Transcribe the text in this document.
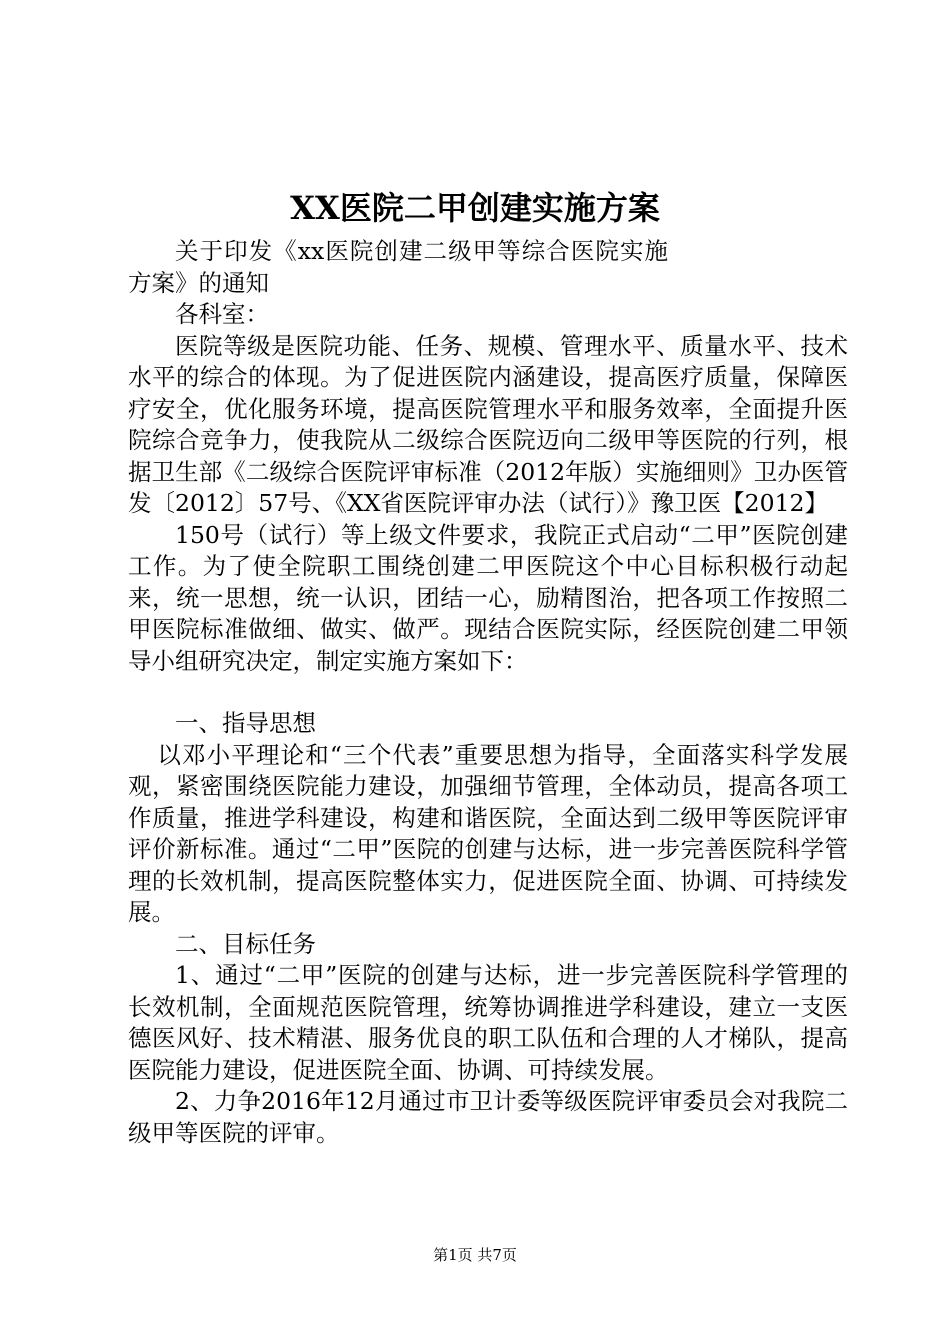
XX医院二甲创建实施方案

关于印发《xx医院创建二级甲等综合医院实施方案》的通知

各科室：

医院等级是医院功能、任务、规模、管理水平、质量水平、技术水平的综合的体现。为了促进医院内涵建设，提高医疗质量，保障医疗安全，优化服务环境，提高医院管理水平和服务效率，全面提升医院综合竞争力，使我院从二级综合医院迈向二级甲等医院的行列，根据卫生部《二级综合医院评审标准（2012年版）实施细则》卫办医管发〔2012〕57号、《XX省医院评审办法（试行）》豫卫医【2012】

150号（试行）等上级文件要求，我院正式启动“二甲”医院创建工作。为了使全院职工围绕创建二甲医院这个中心目标积极行动起来，统一思想，统一认识，团结一心，励精图治，把各项工作按照二甲医院标准做细、做实、做严。现结合医院实际，经医院创建二甲领导小组研究决定，制定实施方案如下：

一、指导思想

以邓小平理论和“三个代表”重要思想为指导，全面落实科学发展观，紧密围绕医院能力建设，加强细节管理，全体动员，提高各项工作质量，推进学科建设，构建和谐医院，全面达到二级甲等医院评审评价新标准。通过“二甲”医院的创建与达标，进一步完善医院科学管理的长效机制，提高医院整体实力，促进医院全面、协调、可持续发展。

二、目标任务

1、通过“二甲”医院的创建与达标，进一步完善医院科学管理的长效机制，全面规范医院管理，统筹协调推进学科建设，建立一支医德医风好、技术精湛、服务优良的职工队伍和合理的人才梯队，提高医院能力建设，促进医院全面、协调、可持续发展。

2、力争2016年12月通过市卫计委等级医院评审委员会对我院二级甲等医院的评审。

第1页 共7页
